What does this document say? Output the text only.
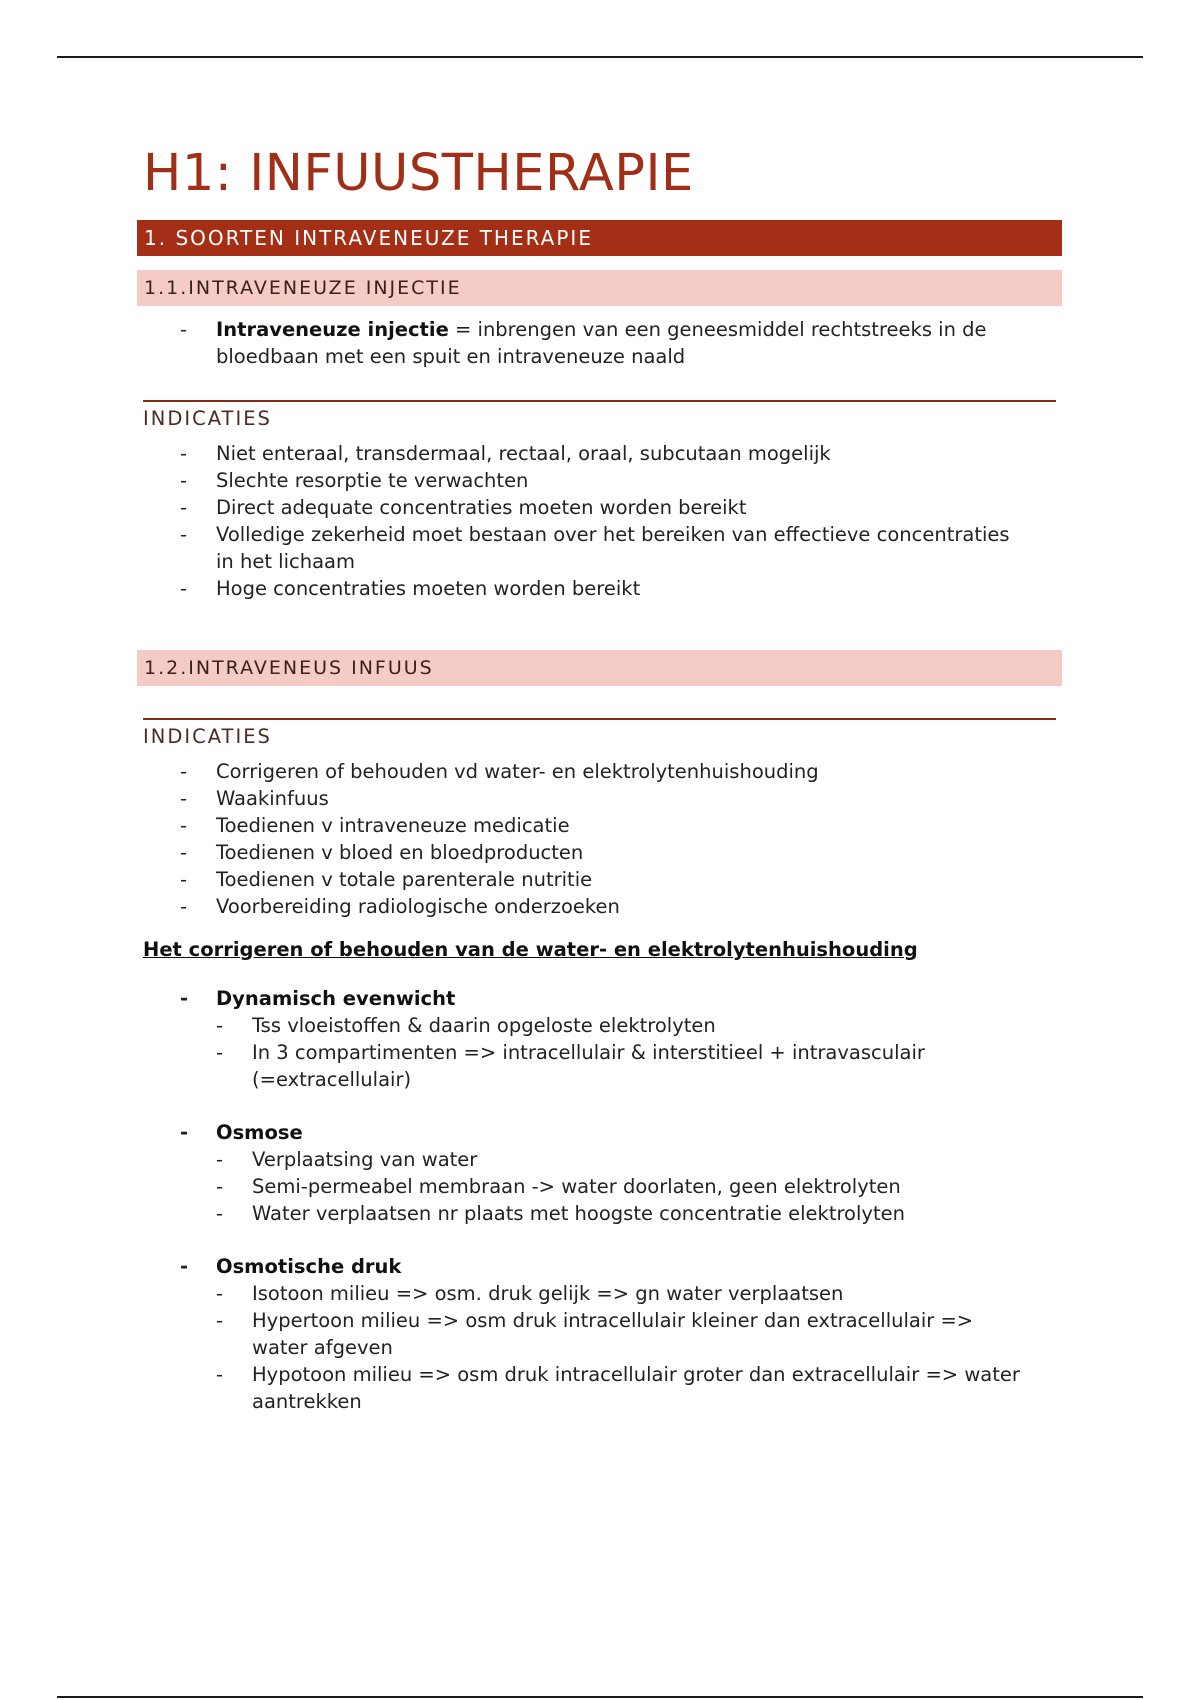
H1: INFUUSTHERAPIE
1. SOORTEN INTRAVENEUZE THERAPIE
1.1.INTRAVENEUZE INJECTIE
- Intraveneuze injectie = inbrengen van een geneesmiddel rechtstreeks in de
bloedbaan met een spuit en intraveneuze naald
INDICATIES
- Niet enteraal, transdermaal, rectaal, oraal, subcutaan mogelijk
- Slechte resorptie te verwachten
- Direct adequate concentraties moeten worden bereikt
- Volledige zekerheid moet bestaan over het bereiken van effectieve concentraties
in het lichaam
- Hoge concentraties moeten worden bereikt
1.2.INTRAVENEUS INFUUS
INDICATIES
- Corrigeren of behouden vd water- en elektrolytenhuishouding
- Waakinfuus
- Toedienen v intraveneuze medicatie
- Toedienen v bloed en bloedproducten
- Toedienen v totale parenterale nutritie
- Voorbereiding radiologische onderzoeken
Het corrigeren of behouden van de water- en elektrolytenhuishouding
- Dynamisch evenwicht
- Tss vloeistoffen & daarin opgeloste elektrolyten
- In 3 compartimenten => intracellulair & interstitieel + intravasculair
(=extracellulair)
- Osmose
- Verplaatsing van water
- Semi-permeabel membraan -> water doorlaten, geen elektrolyten
- Water verplaatsen nr plaats met hoogste concentratie elektrolyten
- Osmotische druk
- Isotoon milieu => osm. druk gelijk => gn water verplaatsen
- Hypertoon milieu => osm druk intracellulair kleiner dan extracellulair =>
water afgeven
- Hypotoon milieu => osm druk intracellulair groter dan extracellulair => water
aantrekken
